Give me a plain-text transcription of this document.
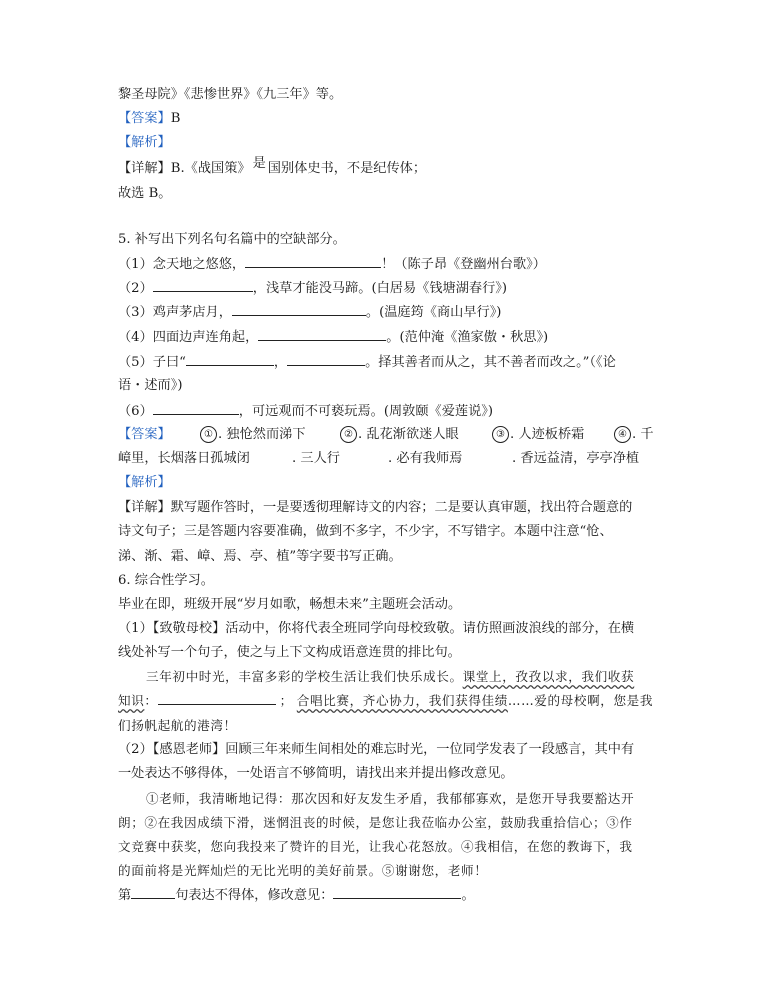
黎圣母院》《悲惨世界》《九三年》等。
【答案】B
【解析】
【详解】B.《战国策》 是 国别体史书，不是纪传体；
故选 B。
5. 补写出下列名句名篇中的空缺部分。
（1）念天地之悠悠，	！（陈子昂《登幽州台歌》）
（2）	，浅草才能没马蹄。(白居易《钱塘湖春行》)
（3）鸡声茅店月，	。(温庭筠《商山早行》)
（4）四面边声连角起，	。(范仲淹《渔家傲・秋思》)
（5）子曰“	，	。择其善者而从之，其不善者而改之。”（《论
语・述而》)
（6）	，可远观而不可亵玩焉。(周敦颐《爱莲说》)
【答案】	① . 独怆然而涕下	② . 乱花渐欲迷人眼	③ . 人迹板桥霜	④ . 千
嶂里，长烟落日孤城闭	. 三人行	. 必有我师焉	. 香远益清，亭亭净植
【解析】
【详解】默写题作答时，一是要透彻理解诗文的内容；二是要认真审题，找出符合题意的
诗文句子；三是答题内容要准确，做到不多字，不少字，不写错字。本题中注意“怆、
涕、渐、霜、嶂、焉、亭、植”等字要书写正确。
6. 综合性学习。
毕业在即，班级开展“岁月如歌，畅想未来”主题班会活动。
（1）【致敬母校】活动中，你将代表全班同学向母校致敬。请仿照画波浪线的部分，在横
线处补写一个句子，使之与上下文构成语意连贯的排比句。
三年初中时光，丰富多彩的学校生活让我们快乐成长。课堂上，孜孜以求，我们收获
知识：	； 合唱比赛，齐心协力，我们获得佳绩……爱的母校啊，您是我
们扬帆起航的港湾！
（2）【感恩老师】回顾三年来师生间相处的难忘时光，一位同学发表了一段感言，其中有
一处表达不够得体，一处语言不够简明，请找出来并提出修改意见。
①老师，我清晰地记得：那次因和好友发生矛盾，我郁郁寡欢，是您开导我要豁达开
朗；②在我因成绩下滑，迷惘沮丧的时候，是您让我莅临办公室，鼓励我重拾信心；③作
文竞赛中获奖，您向我投来了赞许的目光，让我心花怒放。④我相信，在您的教诲下，我
的面前将是光辉灿烂的无比光明的美好前景。⑤谢谢您，老师！
第	句表达不得体，修改意见：	。
